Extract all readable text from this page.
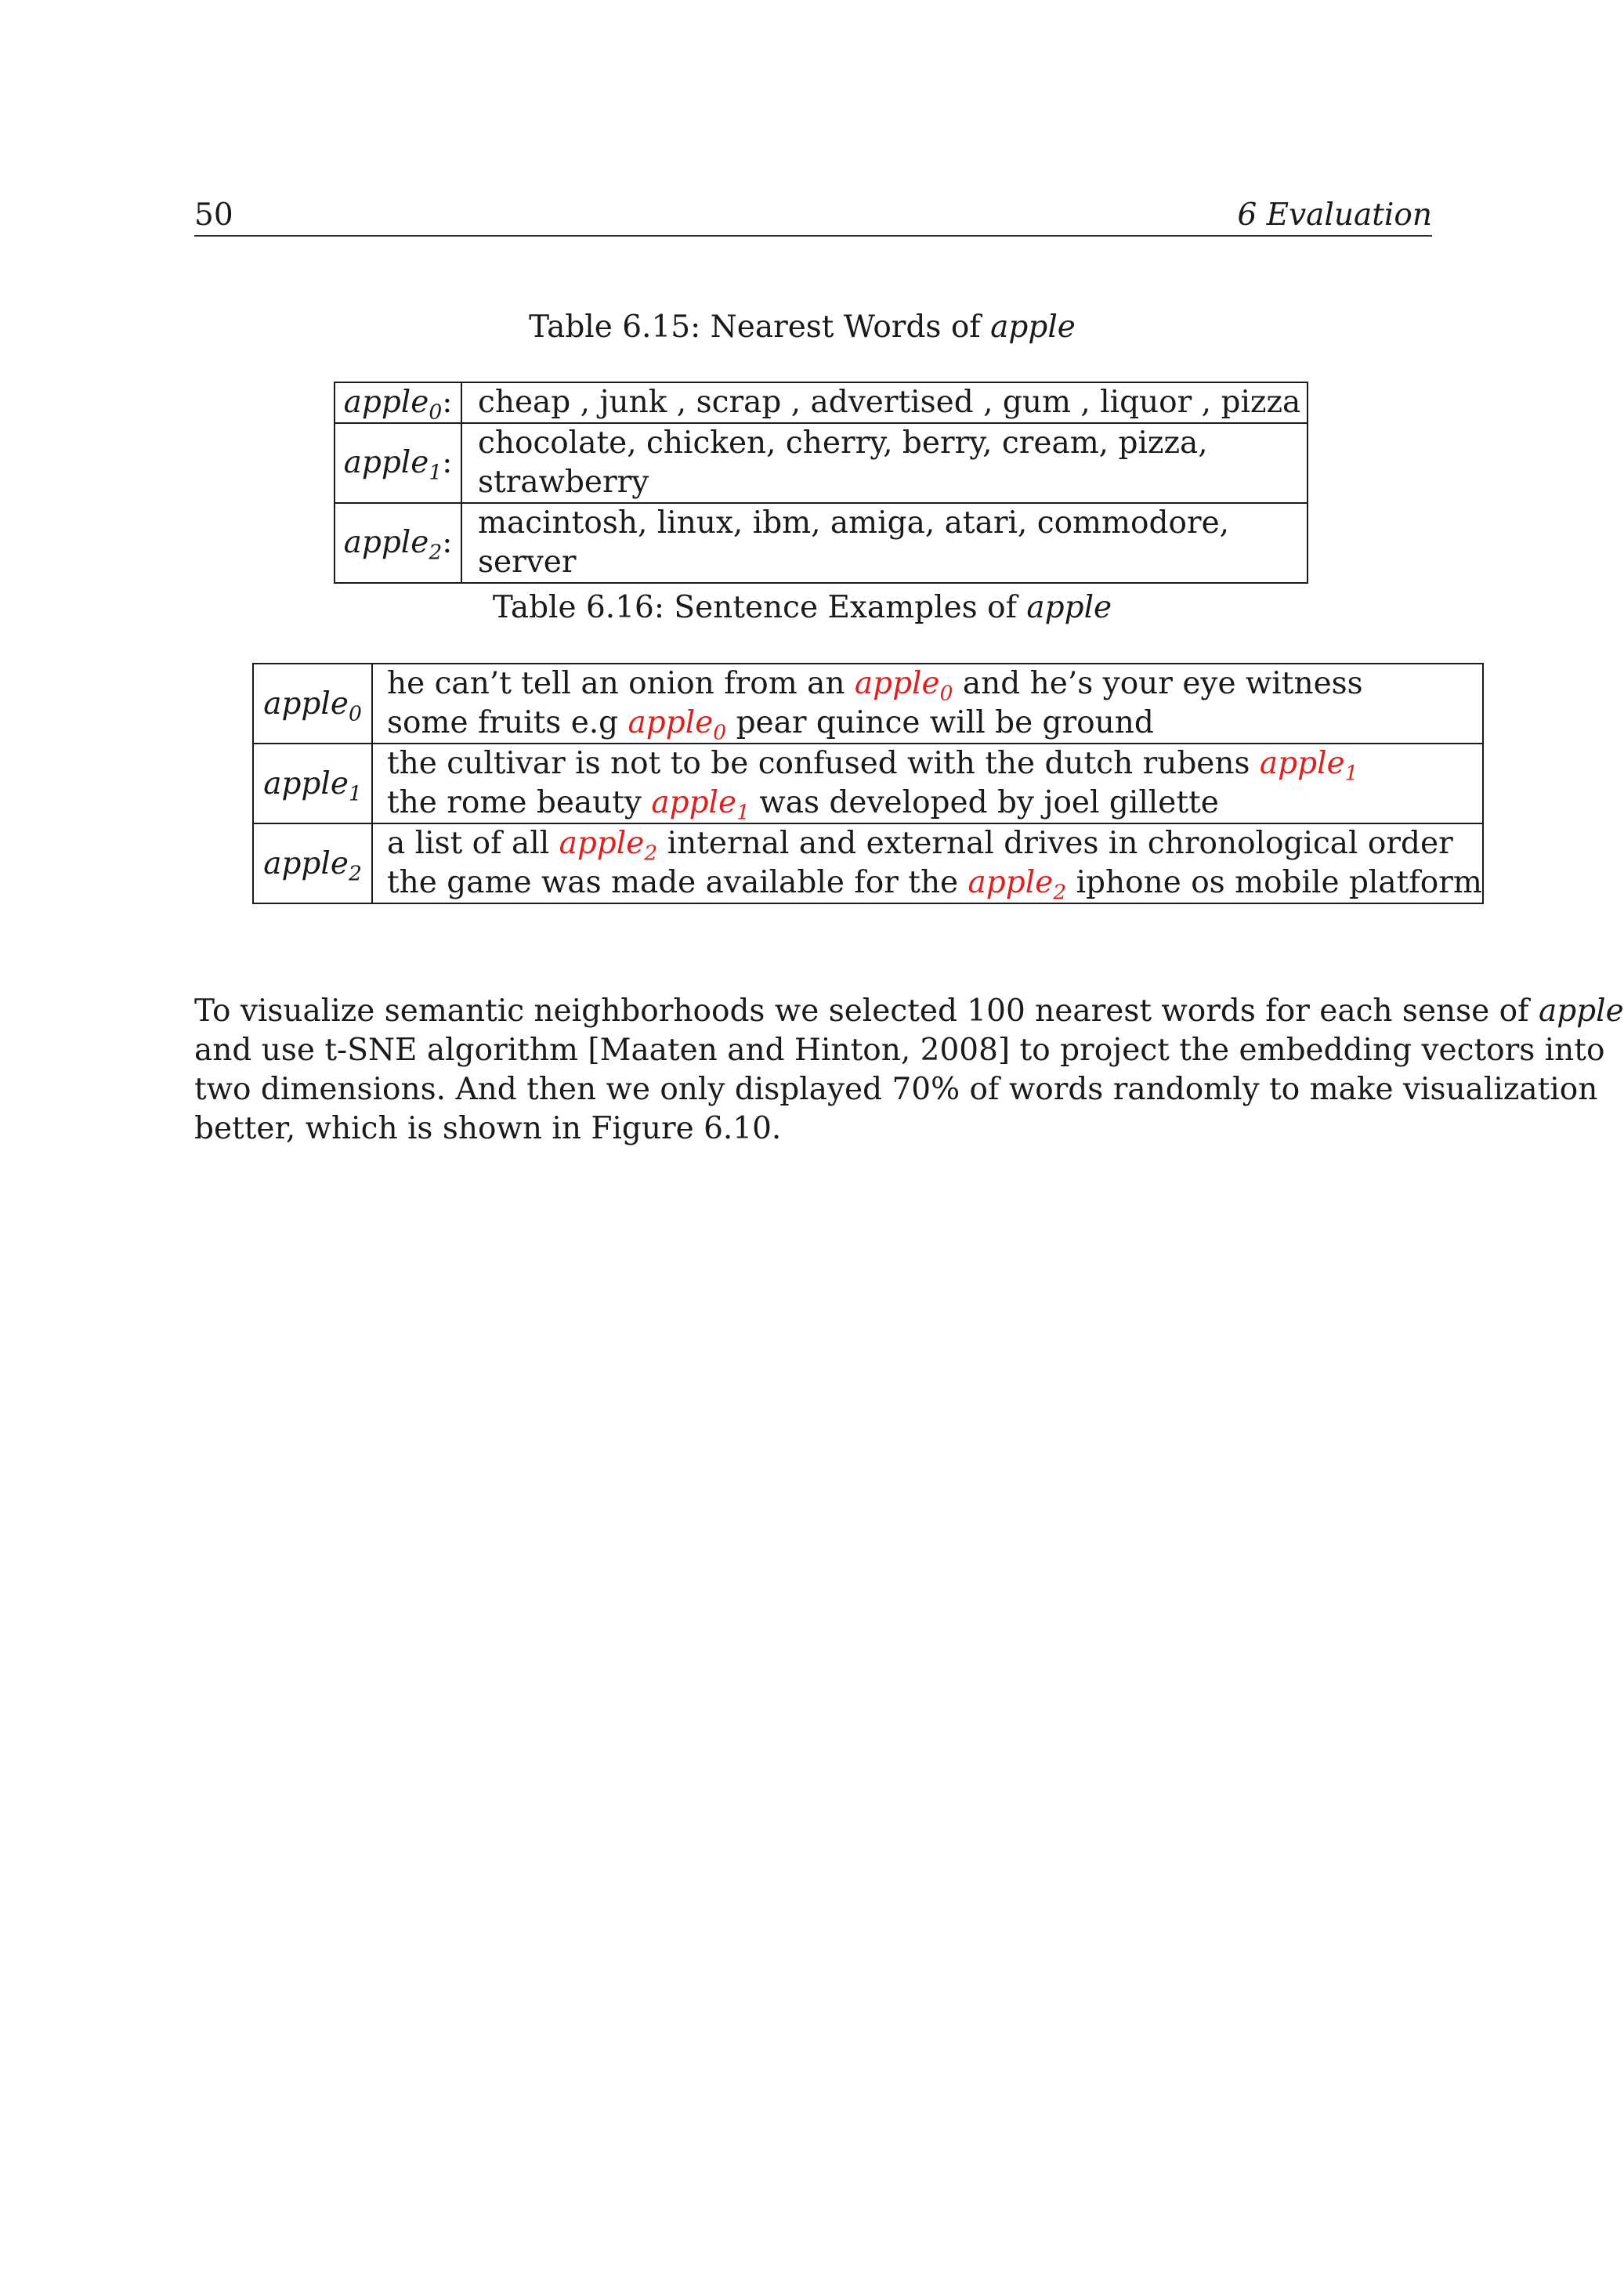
50	6 Evaluation
Table 6.15: Nearest Words of apple
apple$_0$:	cheap , junk , scrap , advertised , gum , liquor , pizza
apple$_1$:	chocolate, chicken, cherry, berry, cream, pizza, strawberry
apple$_2$:	macintosh, linux, ibm, amiga, atari, commodore, server
Table 6.16: Sentence Examples of apple
apple$_0$	he can’t tell an onion from an apple$_0$ and he’s your eye witness
some fruits e.g apple$_0$ pear quince will be ground

apple$_1$	the cultivar is not to be confused with the dutch rubens apple$_1$
the rome beauty apple$_1$ was developed by joel gillette

apple$_2$	a list of all apple$_2$ internal and external drives in chronological order
the game was made available for the apple$_2$ iphone os mobile platform
To visualize semantic neighborhoods we selected 100 nearest words for each sense of apple
and use t-SNE algorithm [Maaten and Hinton, 2008] to project the embedding vectors into
two dimensions. And then we only displayed 70% of words randomly to make visualization
better, which is shown in Figure 6.10.
